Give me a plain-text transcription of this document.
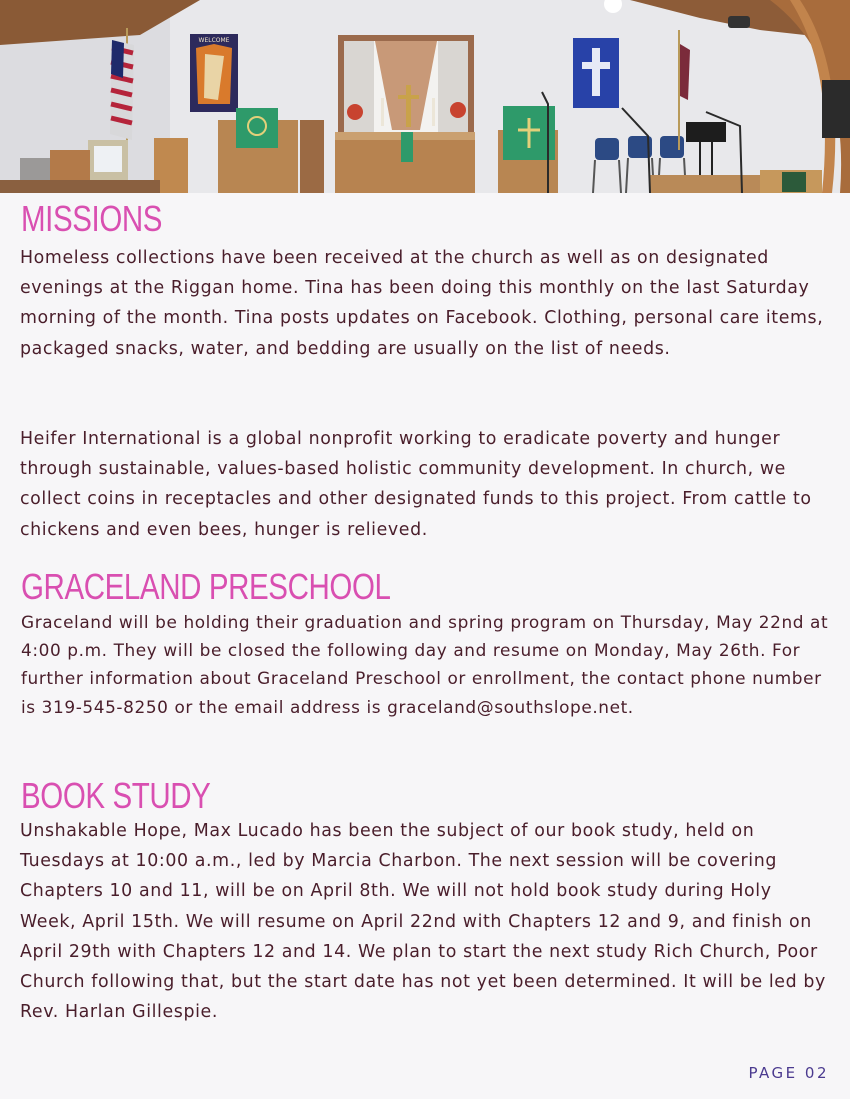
WELCOME
MISSIONS

Homeless collections have been received at the church as well as on designated evenings at the Riggan home. Tina has been doing this monthly on the last Saturday morning of the month. Tina posts updates on Facebook. Clothing, personal care items, packaged snacks, water, and bedding are usually on the list of needs.

Heifer International is a global nonprofit working to eradicate poverty and hunger through sustainable, values-based holistic community development. In church, we collect coins in receptacles and other designated funds to this project. From cattle to chickens and even bees, hunger is relieved.

GRACELAND PRESCHOOL

Graceland will be holding their graduation and spring program on Thursday, May 22nd at 4:00 p.m. They will be closed the following day and resume on Monday, May 26th. For further information about Graceland Preschool or enrollment, the contact phone number is 319-545-8250 or the email address is graceland@southslope.net.

BOOK STUDY

Unshakable Hope, Max Lucado has been the subject of our book study, held on Tuesdays at 10:00 a.m., led by Marcia Charbon. The next session will be covering Chapters 10 and 11, will be on April 8th. We will not hold book study during Holy Week, April 15th. We will resume on April 22nd with Chapters 12 and 9, and finish on April 29th with Chapters 12 and 14. We plan to start the next study Rich Church, Poor Church following that, but the start date has not yet been determined. It will be led by Rev. Harlan Gillespie.

PAGE 02
